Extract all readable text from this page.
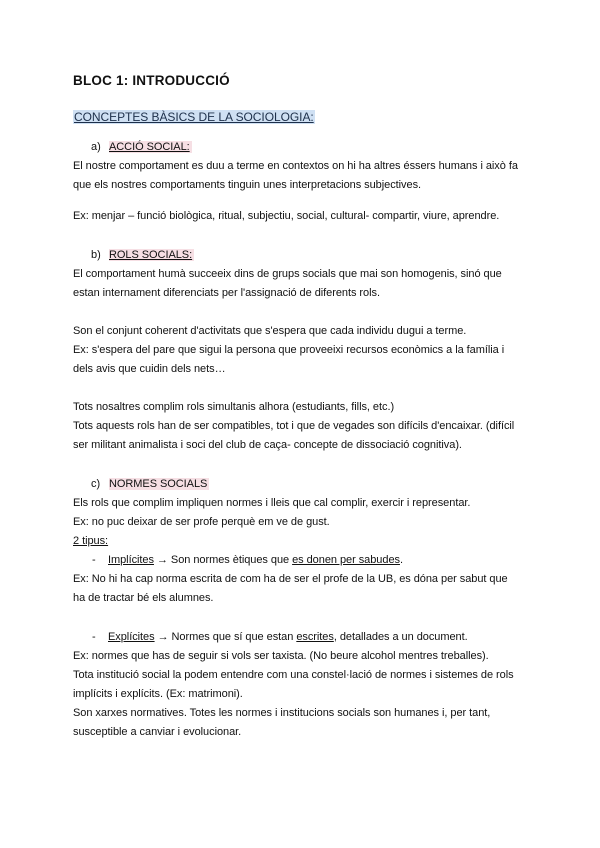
BLOC 1: INTRODUCCIÓ
CONCEPTES BÀSICS DE LA SOCIOLOGIA:
a) ACCIÓ SOCIAL:
El nostre comportament es duu a terme en contextos on hi ha altres éssers humans i això fa
que els nostres comportaments tinguin unes interpretacions subjectives.
Ex: menjar – funció biològica, ritual, subjectiu, social, cultural- compartir, viure, aprendre.
b) ROLS SOCIALS:
El comportament humà succeeix dins de grups socials que mai son homogenis, sinó que
estan internament diferenciats per l'assignació de diferents rols.
Son el conjunt coherent d'activitats que s'espera que cada individu dugui a terme.
Ex: s'espera del pare que sigui la persona que proveeixi recursos econòmics a la família i
dels avis que cuidin dels nets…
Tots nosaltres complim rols simultanis alhora (estudiants, fills, etc.)
Tots aquests rols han de ser compatibles, tot i que de vegades son difícils d'encaixar. (difícil
ser militant animalista i soci del club de caça- concepte de dissociació cognitiva).
c) NORMES SOCIALS
Els rols que complim impliquen normes i lleis que cal complir, exercir i representar.
Ex: no puc deixar de ser profe perquè em ve de gust.
2 tipus:
- Implícites → Son normes ètiques que es donen per sabudes.
Ex: No hi ha cap norma escrita de com ha de ser el profe de la UB, es dóna per sabut que
ha de tractar bé els alumnes.
- Explícites → Normes que sí que estan escrites, detallades a un document.
Ex: normes que has de seguir si vols ser taxista. (No beure alcohol mentres treballes).
Tota institució social la podem entendre com una constel·lació de normes i sistemes de rols
implícits i explícits. (Ex: matrimoni).
Son xarxes normatives. Totes les normes i institucions socials son humanes i, per tant,
susceptible a canviar i evolucionar.
